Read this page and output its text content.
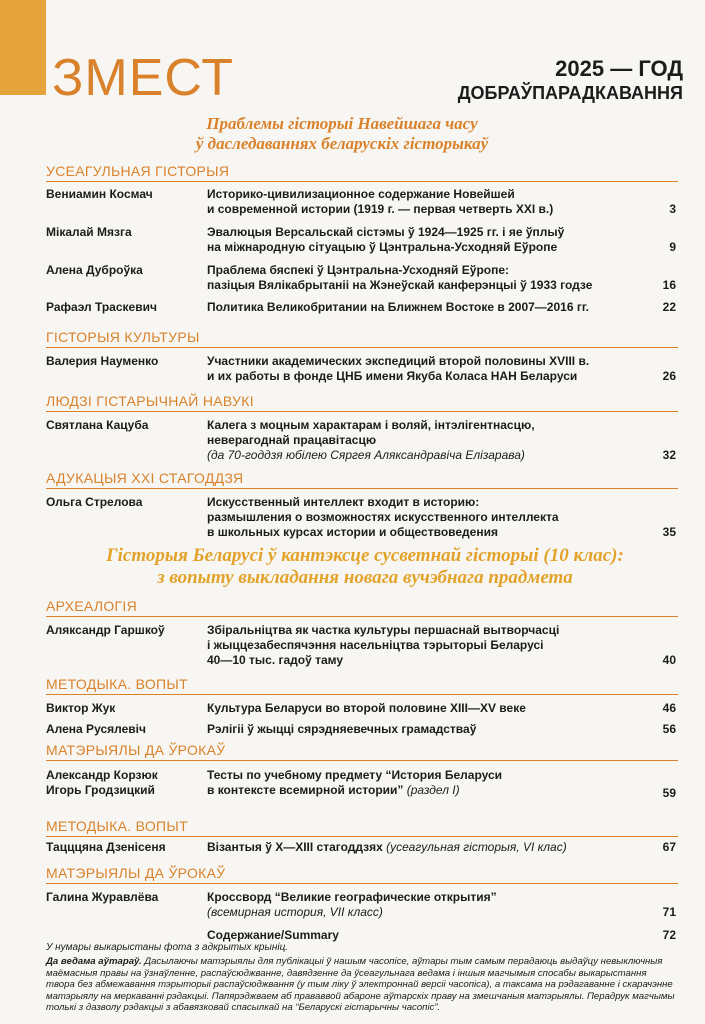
ЗМЕСТ	2025 — ГОД
ДОБРАЎПАРАДКАВАННЯ
Праблемы гісторыі Навейшага часу
ў даследаваннях беларускіх гісторыкаў
Гісторыя Беларусі ў кантэксце сусветнай гісторыі (10 клас):
з вопыту выкладання новага вучэбнага прадмета
УСЕАГУЛЬНАЯ ГІСТОРЫЯ
ГІСТОРЫЯ КУЛЬТУРЫ
ЛЮДЗІ ГІСТАРЫЧНАЙ НАВУКІ
АДУКАЦЫЯ XXI СТАГОДДЗЯ
АРХЕАЛОГІЯ
МЕТОДЫКА. ВОПЫТ
МАТЭРЫЯЛЫ ДА ЎРОКАЎ
МЕТОДЫКА. ВОПЫТ
МАТЭРЫЯЛЫ ДА ЎРОКАЎ
Вениамин Космач	Историко-цивилизационное содержание Новейшей
и современной истории (1919 г. — первая четверть XXI в.)	3
Мікалай Мязга	Эвалюцыя Версальскай сістэмы ў 1924—1925 гг. і яе ўплыў
на міжнародную сітуацыю ў Цэнтральна-Усходняй Еўропе	9
Алена Дуброўка	Праблема бяспекі ў Цэнтральна-Усходняй Еўропе:
пазіцыя Вялікабрытаніі на Жэнеўскай канферэнцыі ў 1933 годзе	16
Рафаэл Траскевич	Политика Великобритании на Ближнем Востоке в 2007—2016 гг.	22
Валерия Науменко	Участники академических экспедиций второй половины XVIII в.
и их работы в фонде ЦНБ имени Якуба Коласа НАН Беларуси	26
Святлана Кацуба	Калега з моцным характарам і воляй, інтэлігентнасцю,
невераго‍днай працавітасцю
(да 70-годдзя юбілею Сяргея Аляксандравіча Елізарава)	32
Ольга Стрелова	Искусственный интеллект входит в историю:
размышления о возможностях искусственного интеллекта
в школьных курсах истории и обществоведения	35
Аляксандр Гаршкоў	Збіральніцтва як частка культуры першаснай вытворчасці
і жыццезабеспячэння насельніцтва тэрыторыі Беларусі
40—10 тыс. гадоў таму	40
Виктор Жук	Культура Беларуси во второй половине XIII—XV веке	46
Алена Русялевіч	Рэлігіі ў жыцці сярэдняевечных грамадстваў	56
Александр Корзюк
Игорь Гродзицкий
Тесты по учебному предмету “История Беларуси
в контексте всемирной истории” (раздел І)	59
Тацццяна Дзенісеня	Візантыя ў X—XIII стагоддзях (усеагульная гісторыя, VI клас)	67
Галина Журавлёва	Кроссворд “Великие географические открытия”
(всемирная история, VII класс)	71
Содержание/Summary	72
У нумары выкарыстаны фота з адкрытых крыніц.
Да ведама аўтараў. Дасылаючы матэрыялы для публікацыі ў нашым часопісе, аўтары тым самым перадаюць выдаўцу невыключныя маёмасныя правы на ўзнаўленне, распаўсюджванне, давядзенне да ўсеагульнага ведама і іншыя магчымыя спосабы выкарыстання твора без абмежавання тэрыторыі распаўсюджвання (у тым ліку ў электроннай версіі часопіса), а таксама на рэдагаванне і скарачэнне матэрыялу на меркаванні рэдакцыі. Папярэджваем аб прававвой абароне аўтарскіх праву на змешчаныя матэрыялы. Перадрук магчымы толькі з дазволу рэдакцыі з абавязковай спасылкай на “Беларускі гістарычны часопіс”.
